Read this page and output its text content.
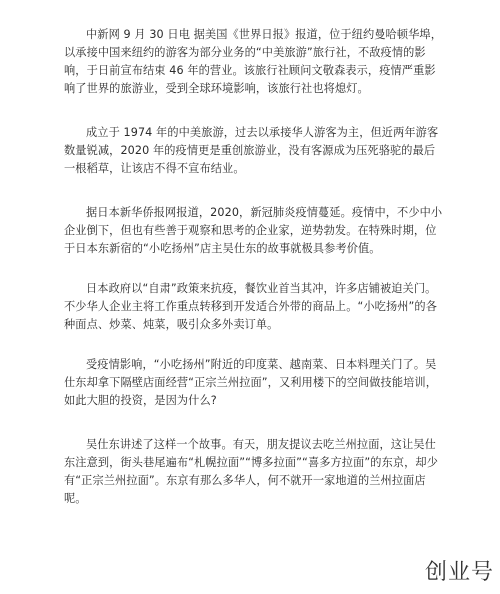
中新网 9 月 30 日电 据美国《世界日报》报道，位于纽约曼哈顿华埠，以承接中国来纽约的游客为部分业务的“中美旅游”旅行社，不敌疫情的影响，于日前宣布结束 46 年的营业。该旅行社顾问文敬森表示，疫情严重影响了世界的旅游业，受到全球环境影响，该旅行社也将熄灯。

成立于 1974 年的中美旅游，过去以承接华人游客为主，但近两年游客数量锐减，2020 年的疫情更是重创旅游业，没有客源成为压死骆驼的最后一根稻草，让该店不得不宣布结业。

据日本新华侨报网报道，2020，新冠肺炎疫情蔓延。疫情中，不少中小企业倒下，但也有些善于观察和思考的企业家，逆势勃发。在特殊时期，位于日本东新宿的“小吃扬州”店主吴仕东的故事就极具参考价值。

日本政府以“自肃”政策来抗疫，餐饮业首当其冲，许多店铺被迫关门。不少华人企业主将工作重点转移到开发适合外带的商品上。“小吃扬州”的各种面点、炒菜、炖菜，吸引众多外卖订单。

受疫情影响，“小吃扬州”附近的印度菜、越南菜、日本料理关门了。吴仕东却拿下隔壁店面经营“正宗兰州拉面”，又利用楼下的空间做技能培训，如此大胆的投资，是因为什么?

吴仕东讲述了这样一个故事。有天，朋友提议去吃兰州拉面，这让吴仕东注意到，街头巷尾遍布“札幌拉面”“博多拉面”“喜多方拉面”的东京，却少有“正宗兰州拉面”。东京有那么多华人，何不就开一家地道的兰州拉面店呢。

创业号
